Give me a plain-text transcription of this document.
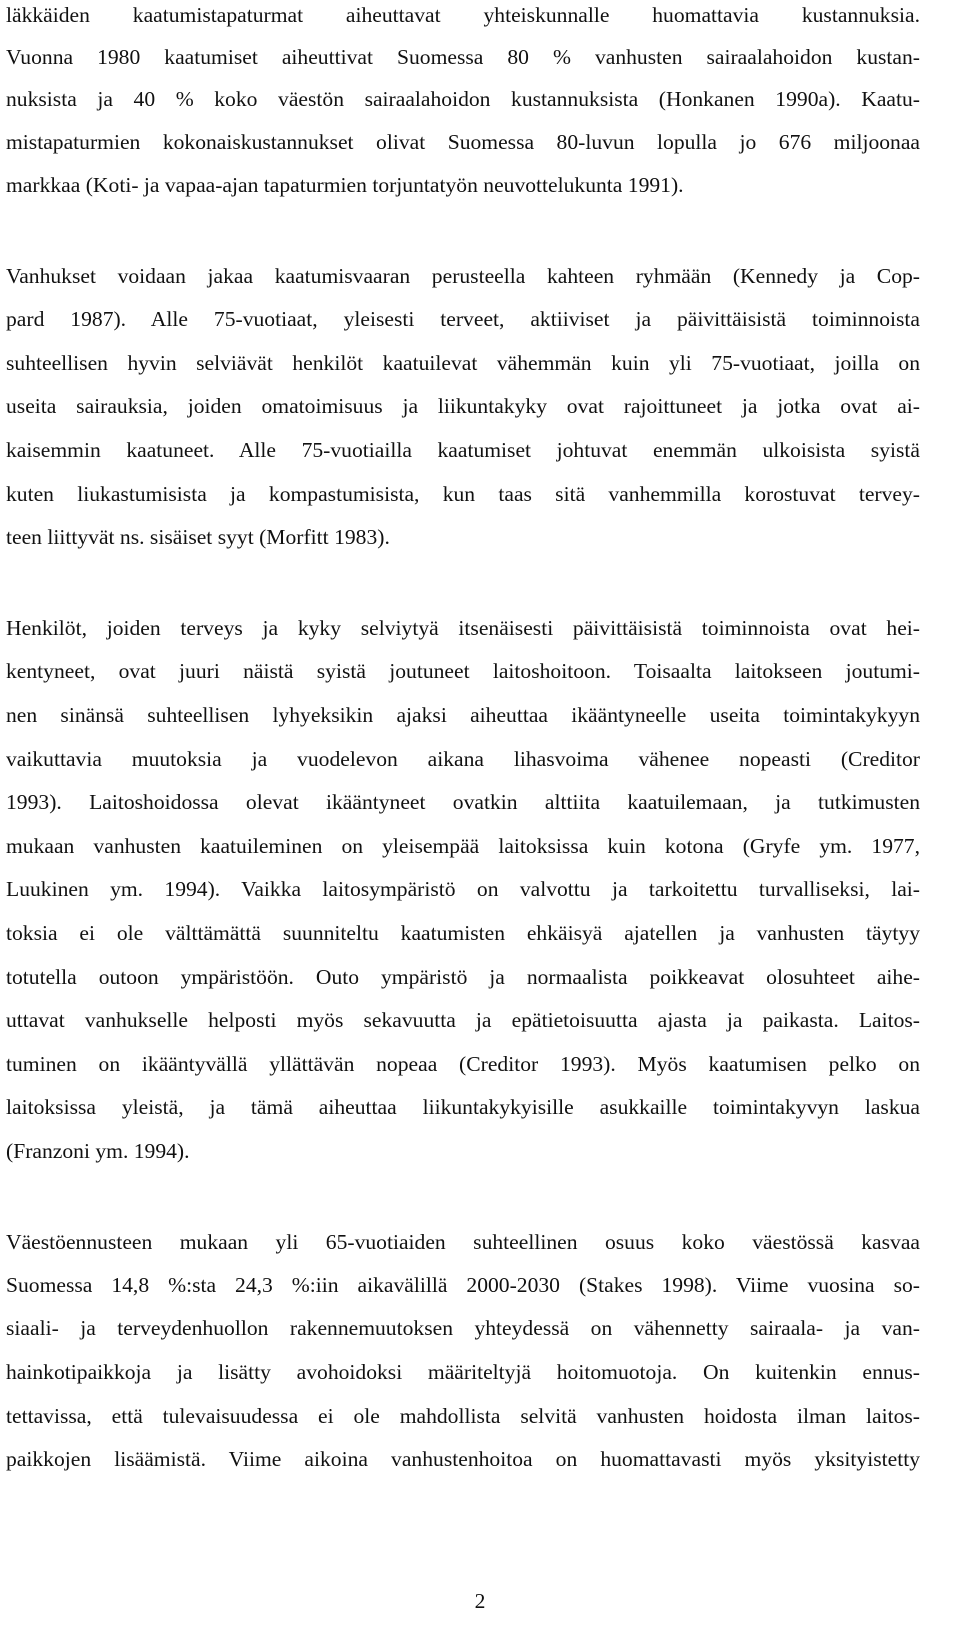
läkkäiden kaatumistapaturmat aiheuttavat yhteiskunnalle huomattavia kustannuksia.
Vuonna 1980 kaatumiset aiheuttivat Suomessa 80 % vanhusten sairaalahoidon kustan-
nuksista ja 40 % koko väestön sairaalahoidon kustannuksista (Honkanen 1990a). Kaatu-
mistapaturmien kokonaiskustannukset olivat Suomessa 80-luvun lopulla jo 676 miljoonaa
markkaa (Koti- ja vapaa-ajan tapaturmien torjuntatyön neuvottelukunta 1991).
Vanhukset voidaan jakaa kaatumisvaaran perusteella kahteen ryhmään (Kennedy ja Cop-
pard 1987). Alle 75-vuotiaat, yleisesti terveet, aktiiviset ja päivittäisistä toiminnoista
suhteellisen hyvin selviävät henkilöt kaatuilevat vähemmän kuin yli 75-vuotiaat, joilla on
useita sairauksia, joiden omatoimisuus ja liikuntakyky ovat rajoittuneet ja jotka ovat ai-
kaisemmin kaatuneet. Alle 75-vuotiailla kaatumiset johtuvat enemmän ulkoisista syistä
kuten liukastumisista ja kompastumisista, kun taas sitä vanhemmilla korostuvat tervey-
teen liittyvät ns. sisäiset syyt (Morfitt 1983).
Henkilöt, joiden terveys ja kyky selviytyä itsenäisesti päivittäisistä toiminnoista ovat hei-
kentyneet, ovat juuri näistä syistä joutuneet laitoshoitoon. Toisaalta laitokseen joutumi-
nen sinänsä suhteellisen lyhyeksikin ajaksi aiheuttaa ikääntyneelle useita toimintakykyyn
vaikuttavia muutoksia ja vuodelevon aikana lihasvoima vähenee nopeasti (Creditor
1993). Laitoshoidossa olevat ikääntyneet ovatkin alttiita kaatuilemaan, ja tutkimusten
mukaan vanhusten kaatuileminen on yleisempää laitoksissa kuin kotona (Gryfe ym. 1977,
Luukinen ym. 1994). Vaikka laitosympäristö on valvottu ja tarkoitettu turvalliseksi, lai-
toksia ei ole välttämättä suunniteltu kaatumisten ehkäisyä ajatellen ja vanhusten täytyy
totutella outoon ympäristöön. Outo ympäristö ja normaalista poikkeavat olosuhteet aihe-
uttavat vanhukselle helposti myös sekavuutta ja epätietoisuutta ajasta ja paikasta. Laitos-
tuminen on ikääntyvällä yllättävän nopeaa (Creditor 1993). Myös kaatumisen pelko on
laitoksissa yleistä, ja tämä aiheuttaa liikuntakykyisille asukkaille toimintakyvyn laskua
(Franzoni ym. 1994).
Väestöennusteen mukaan yli 65-vuotiaiden suhteellinen osuus koko väestössä kasvaa
Suomessa 14,8 %:sta 24,3 %:iin aikavälillä 2000-2030 (Stakes 1998). Viime vuosina so-
siaali- ja terveydenhuollon rakennemuutoksen yhteydessä on vähennetty sairaala- ja van-
hainkotipaikkoja ja lisätty avohoidoksi määriteltyjä hoitomuotoja. On kuitenkin ennus-
tettavissa, että tulevaisuudessa ei ole mahdollista selvitä vanhusten hoidosta ilman laitos-
paikkojen lisäämistä. Viime aikoina vanhustenhoitoa on huomattavasti myös yksityistetty
2
